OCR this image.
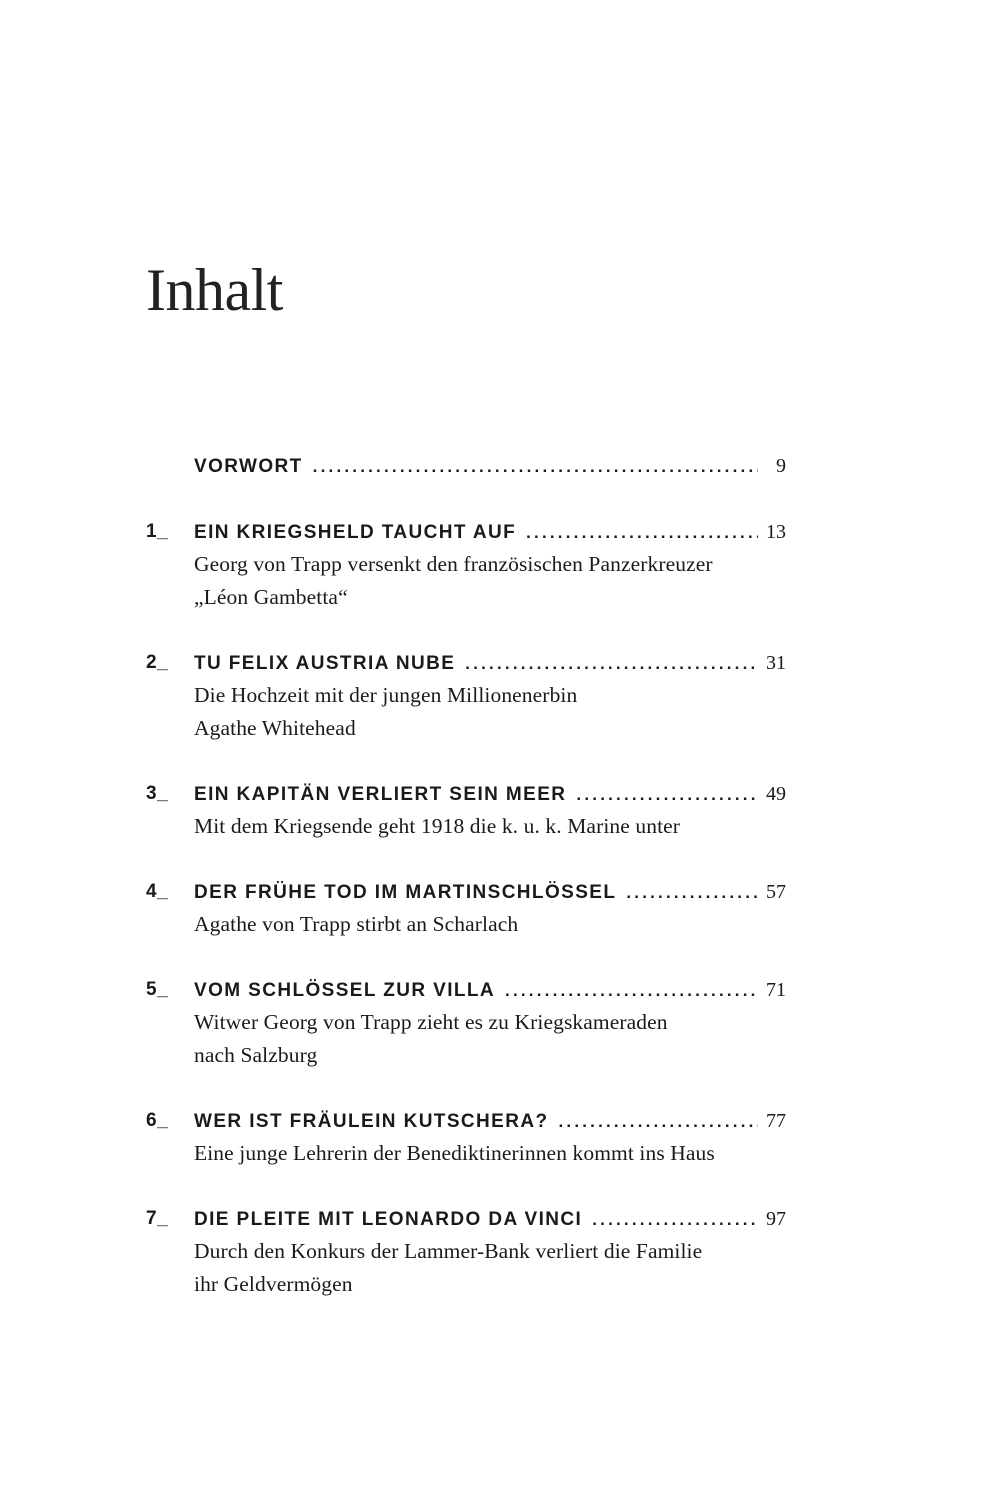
Inhalt
VORWORT .....	9
1_ EIN KRIEGSHELD TAUCHT AUF .....	13
Georg von Trapp versenkt den französischen Panzerkreuzer
„Léon Gambetta“
2_ TU FELIX AUSTRIA NUBE .....	31
Die Hochzeit mit der jungen Millionenerbin
Agathe Whitehead
3_ EIN KAPITÄN VERLIERT SEIN MEER .....	49
Mit dem Kriegsende geht 1918 die k. u. k. Marine unter
4_ DER FRÜHE TOD IM MARTINSCHLÖSSEL .....	57
Agathe von Trapp stirbt an Scharlach
5_ VOM SCHLÖSSEL ZUR VILLA .....	71
Witwer Georg von Trapp zieht es zu Kriegskameraden
nach Salzburg
6_ WER IST FRÄULEIN KUTSCHERA? .....	77
Eine junge Lehrerin der Benediktinerinnen kommt ins Haus
7_ DIE PLEITE MIT LEONARDO DA VINCI .....	97
Durch den Konkurs der Lammer-Bank verliert die Familie
ihr Geldvermögen
